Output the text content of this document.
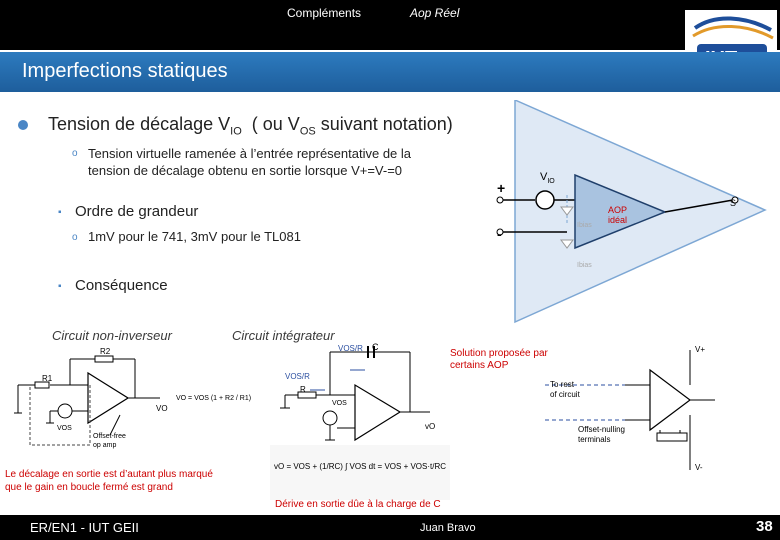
Compléments	Aop Réel
Imperfections statiques
Tension de décalage $V_{IO}$ ( ou $V_{OS}$ suivant notation)
o Tension virtuelle ramenée à l’entrée représentative de la
tension de décalage obtenu en sortie lorsque V+=V-=0
▪ Ordre de grandeur
o 1mV pour le 741, 3mV pour le TL081
▪ Conséquence
+
-
$V_{IO}$
AOP
idéal
S
Ibias
Ibias
Circuit non-inverseur	Circuit intégrateur
R2
R1
VOS
VO
VO = VOS (1 + R2 / R1)
Offset-free
op amp
VOS/R C
VOS/R
R
VOS
vO
vO = VOS + (1/RC) ∫ VOS dt = VOS + VOS·t/RC
V+
V-
To rest
of circuit
Offset-nulling
terminals
Solution proposée par
certains AOP
Le décalage en sortie est d’autant plus marqué
que le gain en boucle fermé est grand
Dérive en sortie dûe à la charge de C
ER/EN1 - IUT GEII	Juan Bravo	38
